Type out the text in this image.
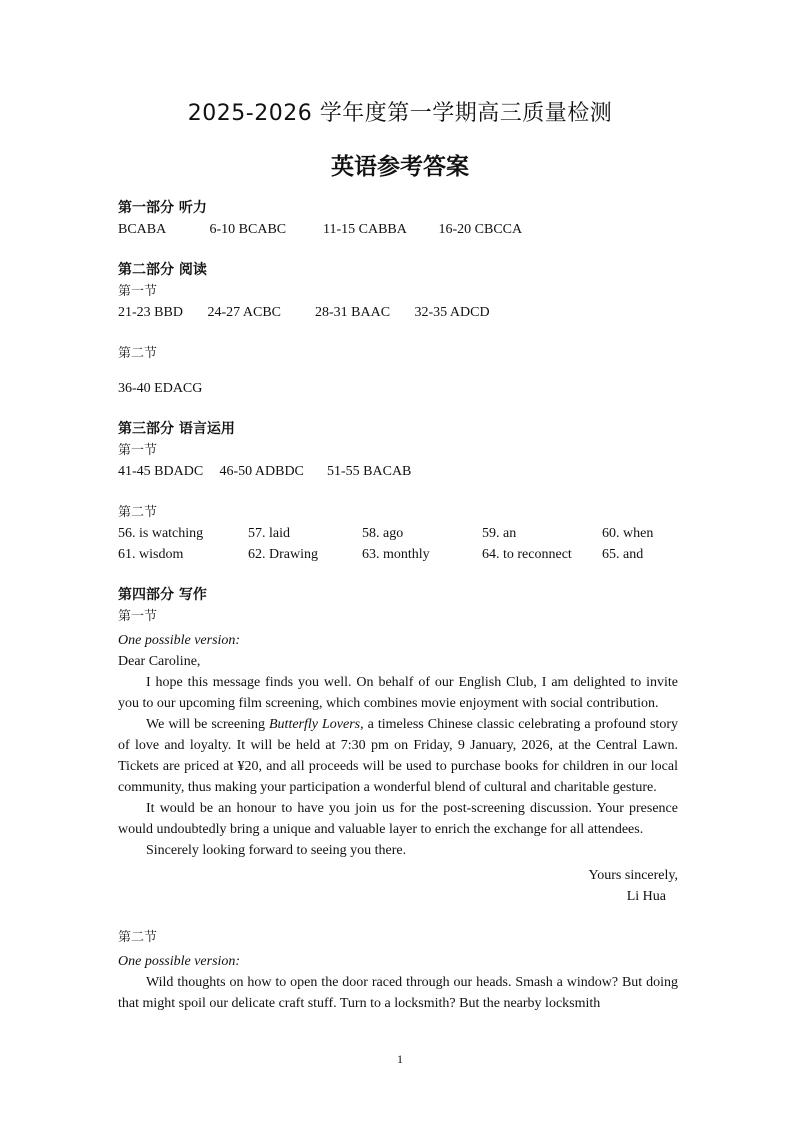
2025-2026 学年度第一学期高三质量检测
英语参考答案
第一部分 听力
BCABA	6-10 BCABC	11-15 CABBA 16-20 CBCCA
第二部分 阅读
第一节
21-23 BBD 24-27 ACBC 28-31 BAAC 32-35 ADCD
第二节
36-40 EDACG
第三部分 语言运用
第一节
41-45 BDADC 46-50 ADBDC 51-55 BACAB
第二节
56. is watching	57. laid	58. ago	59. an	60. when
61. wisdom	62. Drawing	63. monthly	64. to reconnect	65. and
第四部分 写作
第一节
One possible version:
Dear Caroline,

I hope this message finds you well. On behalf of our English Club, I am delighted to invite you to our upcoming film screening, which combines movie enjoyment with social contribution.

We will be screening Butterfly Lovers, a timeless Chinese classic celebrating a profound story of love and loyalty. It will be held at 7:30 pm on Friday, 9 January, 2026, at the Central Lawn. Tickets are priced at ¥20, and all proceeds will be used to purchase books for children in our local community, thus making your participation a wonderful blend of cultural and charitable gesture.

It would be an honour to have you join us for the post-screening discussion. Your presence would undoubtedly bring a unique and valuable layer to enrich the exchange for all attendees.

Sincerely looking forward to seeing you there.

Yours sincerely,
Li Hua
第二节
One possible version:

Wild thoughts on how to open the door raced through our heads. Smash a window? But doing that might spoil our delicate craft stuff. Turn to a locksmith? But the nearby locksmith

1
